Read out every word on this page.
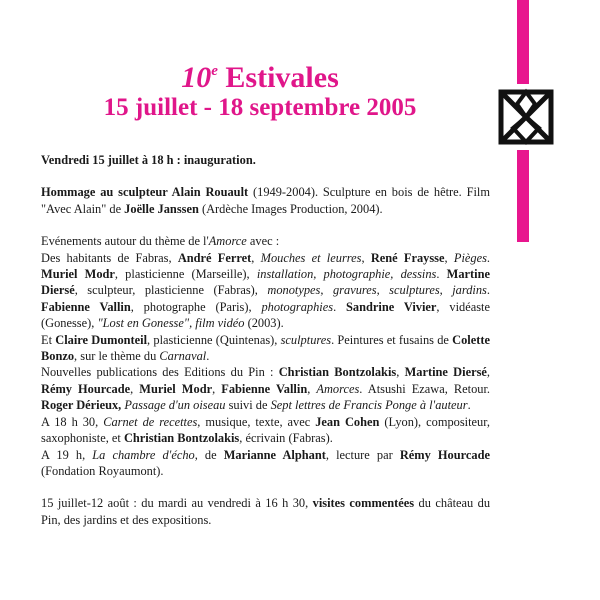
10e Estivales
15 juillet - 18 septembre 2005

Vendredi 15 juillet à 18 h : inauguration.

Hommage au sculpteur Alain Rouault (1949-2004). Sculpture en bois de hêtre. Film "Avec Alain" de Joëlle Janssen (Ardèche Images Production, 2004).

Evénements autour du thème de l'Amorce avec :
Des habitants de Fabras, André Ferret, Mouches et leurres, René Fraysse, Pièges. Muriel Modr, plasticienne (Marseille), installation, photographie, dessins. Martine Diersé, sculpteur, plasticienne (Fabras), monotypes, gravures, sculptures, jardins. Fabienne Vallin, photographe (Paris), photographies. Sandrine Vivier, vidéaste (Gonesse), "Lost en Gonesse", film vidéo (2003).

Et Claire Dumonteil, plasticienne (Quintenas), sculptures. Peintures et fusains de Colette Bonzo, sur le thème du Carnaval.

Nouvelles publications des Editions du Pin : Christian Bontzolakis, Martine Diersé, Rémy Hourcade, Muriel Modr, Fabienne Vallin, Amorces. Atsushi Ezawa, Retour. Roger Dérieux, Passage d'un oiseau suivi de Sept lettres de Francis Ponge à l'auteur.

A 18 h 30, Carnet de recettes, musique, texte, avec Jean Cohen (Lyon), compositeur, saxophoniste, et Christian Bontzolakis, écrivain (Fabras).

A 19 h, La chambre d'écho, de Marianne Alphant, lecture par Rémy Hourcade (Fondation Royaumont).

15 juillet-12 août : du mardi au vendredi à 16 h 30, visites commentées du château du Pin, des jardins et des expositions.
